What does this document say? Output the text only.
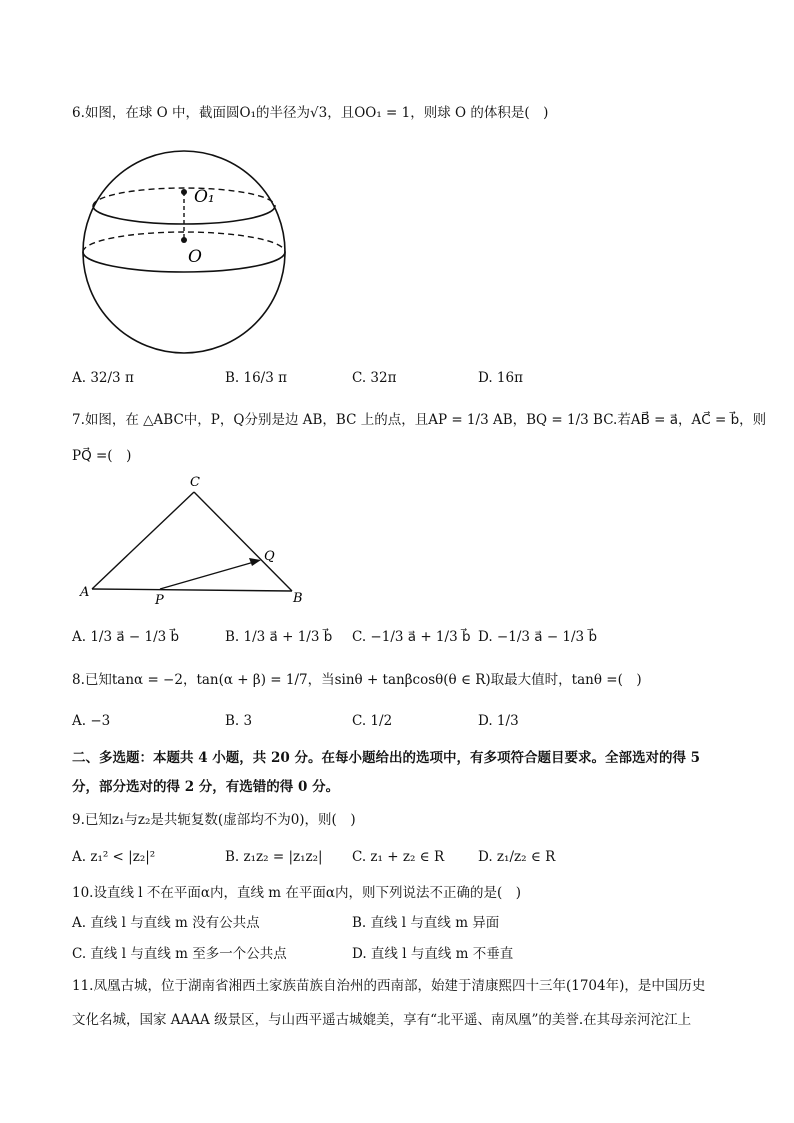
6.如图，在球 O 中，截面圆O₁的半径为√3，且OO₁ = 1，则球 O 的体积是(　)
O₁
O
A. 32/3 π	B. 16/3 π	C. 32π	D. 16π
7.如图，在 △ABC中，P，Q分别是边 AB，BC 上的点，且AP = 1/3 AB，BQ = 1/3 BC.若AB⃗ = a⃗，AC⃗ = b⃗，则
PQ⃗ =(　)
A	B
C
P
Q
A. 1/3 a⃗ − 1/3 b⃗	B. 1/3 a⃗ + 1/3 b⃗ C. −1/3 a⃗ + 1/3 b⃗ D. −1/3 a⃗ − 1/3 b⃗
8.已知tanα = −2，tan(α + β) = 1/7，当sinθ + tanβcosθ(θ ∈ R)取最大值时，tanθ =(　)
A. −3	B. 3	C. 1/2	D. 1/3
二、多选题：本题共 4 小题，共 20 分。在每小题给出的选项中，有多项符合题目要求。全部选对的得 5
分，部分选对的得 2 分，有选错的得 0 分。
9.已知z₁与z₂是共轭复数(虚部均不为0)，则(　)
A. z₁² < |z₂|²	B. z₁z₂ = |z₁z₂| C. z₁ + z₂ ∈ R	D. z₁/z₂ ∈ R
10.设直线 l 不在平面α内，直线 m 在平面α内，则下列说法不正确的是(　)
A. 直线 l 与直线 m 没有公共点	B. 直线 l 与直线 m 异面
C. 直线 l 与直线 m 至多一个公共点	D. 直线 l 与直线 m 不垂直
11.凤凰古城，位于湖南省湘西土家族苗族自治州的西南部，始建于清康熙四十三年(1704年)，是中国历史
文化名城，国家 AAAA 级景区，与山西平遥古城媲美，享有“北平遥、南凤凰”的美誉.在其母亲河沱江上
